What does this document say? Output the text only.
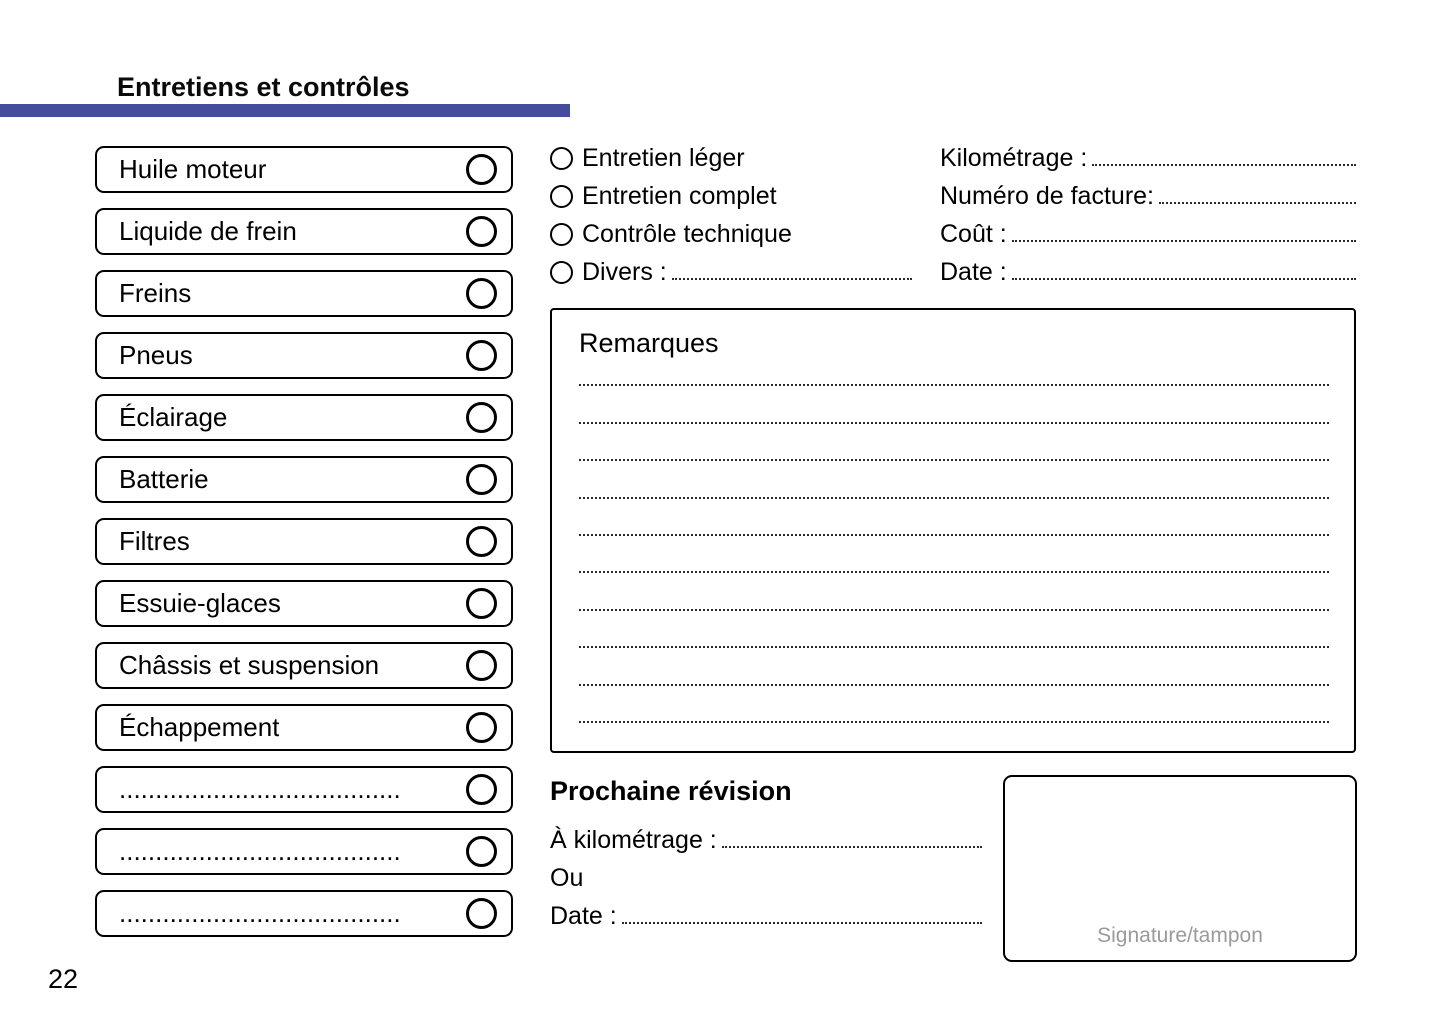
Entretiens et contrôles
Huile moteur
Liquide de frein
Freins
Pneus
Éclairage
Batterie
Filtres
Essuie-glaces
Châssis et suspension
Échappement
.......................................
.......................................
.......................................
Entretien léger
Entretien complet
Contrôle technique
Divers :
Kilométrage :
Numéro de facture:
Coût :
Date :
Remarques
Prochaine révision
À kilométrage :
Ou
Date :
Signature/tampon
22
